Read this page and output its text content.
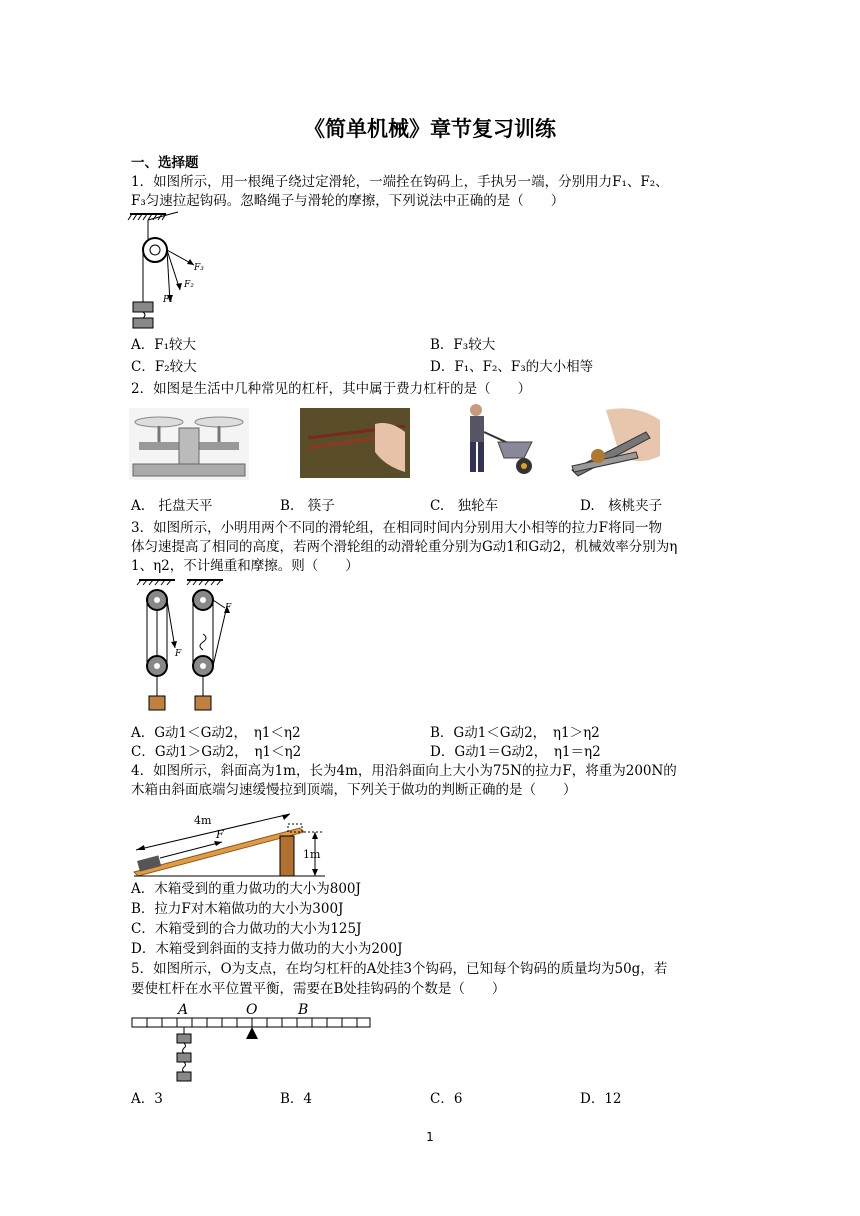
《简单机械》章节复习训练
一、选择题
1．如图所示，用一根绳子绕过定滑轮，一端拴在钩码上，手执另一端，分别用力F₁、F₂、
F₃匀速拉起钩码。忽略绳子与滑轮的摩擦，下列说法中正确的是（　　）
F₃
F₂
F₁
A．F₁较大	B．F₃较大
C．F₂较大	D．F₁、F₂、F₃的大小相等
2．如图是生活中几种常见的杠杆，其中属于费力杠杆的是（　　）
A.　托盘天平	B.　筷子	C.　独轮车	D.　核桃夹子
3．如图所示，小明用两个不同的滑轮组，在相同时间内分别用大小相等的拉力F将同一物
体匀速提高了相同的高度，若两个滑轮组的动滑轮重分别为G动1和G动2，机械效率分别为η
1、η2，不计绳重和摩擦。则（　　）
F
F
A．G动1＜G动2，　η1＜η2	B．G动1＜G动2，　η1＞η2
C．G动1＞G动2，　η1＜η2	D．G动1＝G动2，　η1＝η2
4．如图所示，斜面高为1m，长为4m，用沿斜面向上大小为75N的拉力F，将重为200N的
木箱由斜面底端匀速缓慢拉到顶端，下列关于做功的判断正确的是（　　）
4m
F
1m
A．木箱受到的重力做功的大小为800J
B．拉力F对木箱做功的大小为300J
C．木箱受到的合力做功的大小为125J
D．木箱受到斜面的支持力做功的大小为200J
5．如图所示，O为支点，在均匀杠杆的A处挂3个钩码，已知每个钩码的质量均为50g，若
要使杠杆在水平位置平衡，需要在B处挂钩码的个数是（　　）
A	O	B
A．3	B．4	C．6	D．12
1
